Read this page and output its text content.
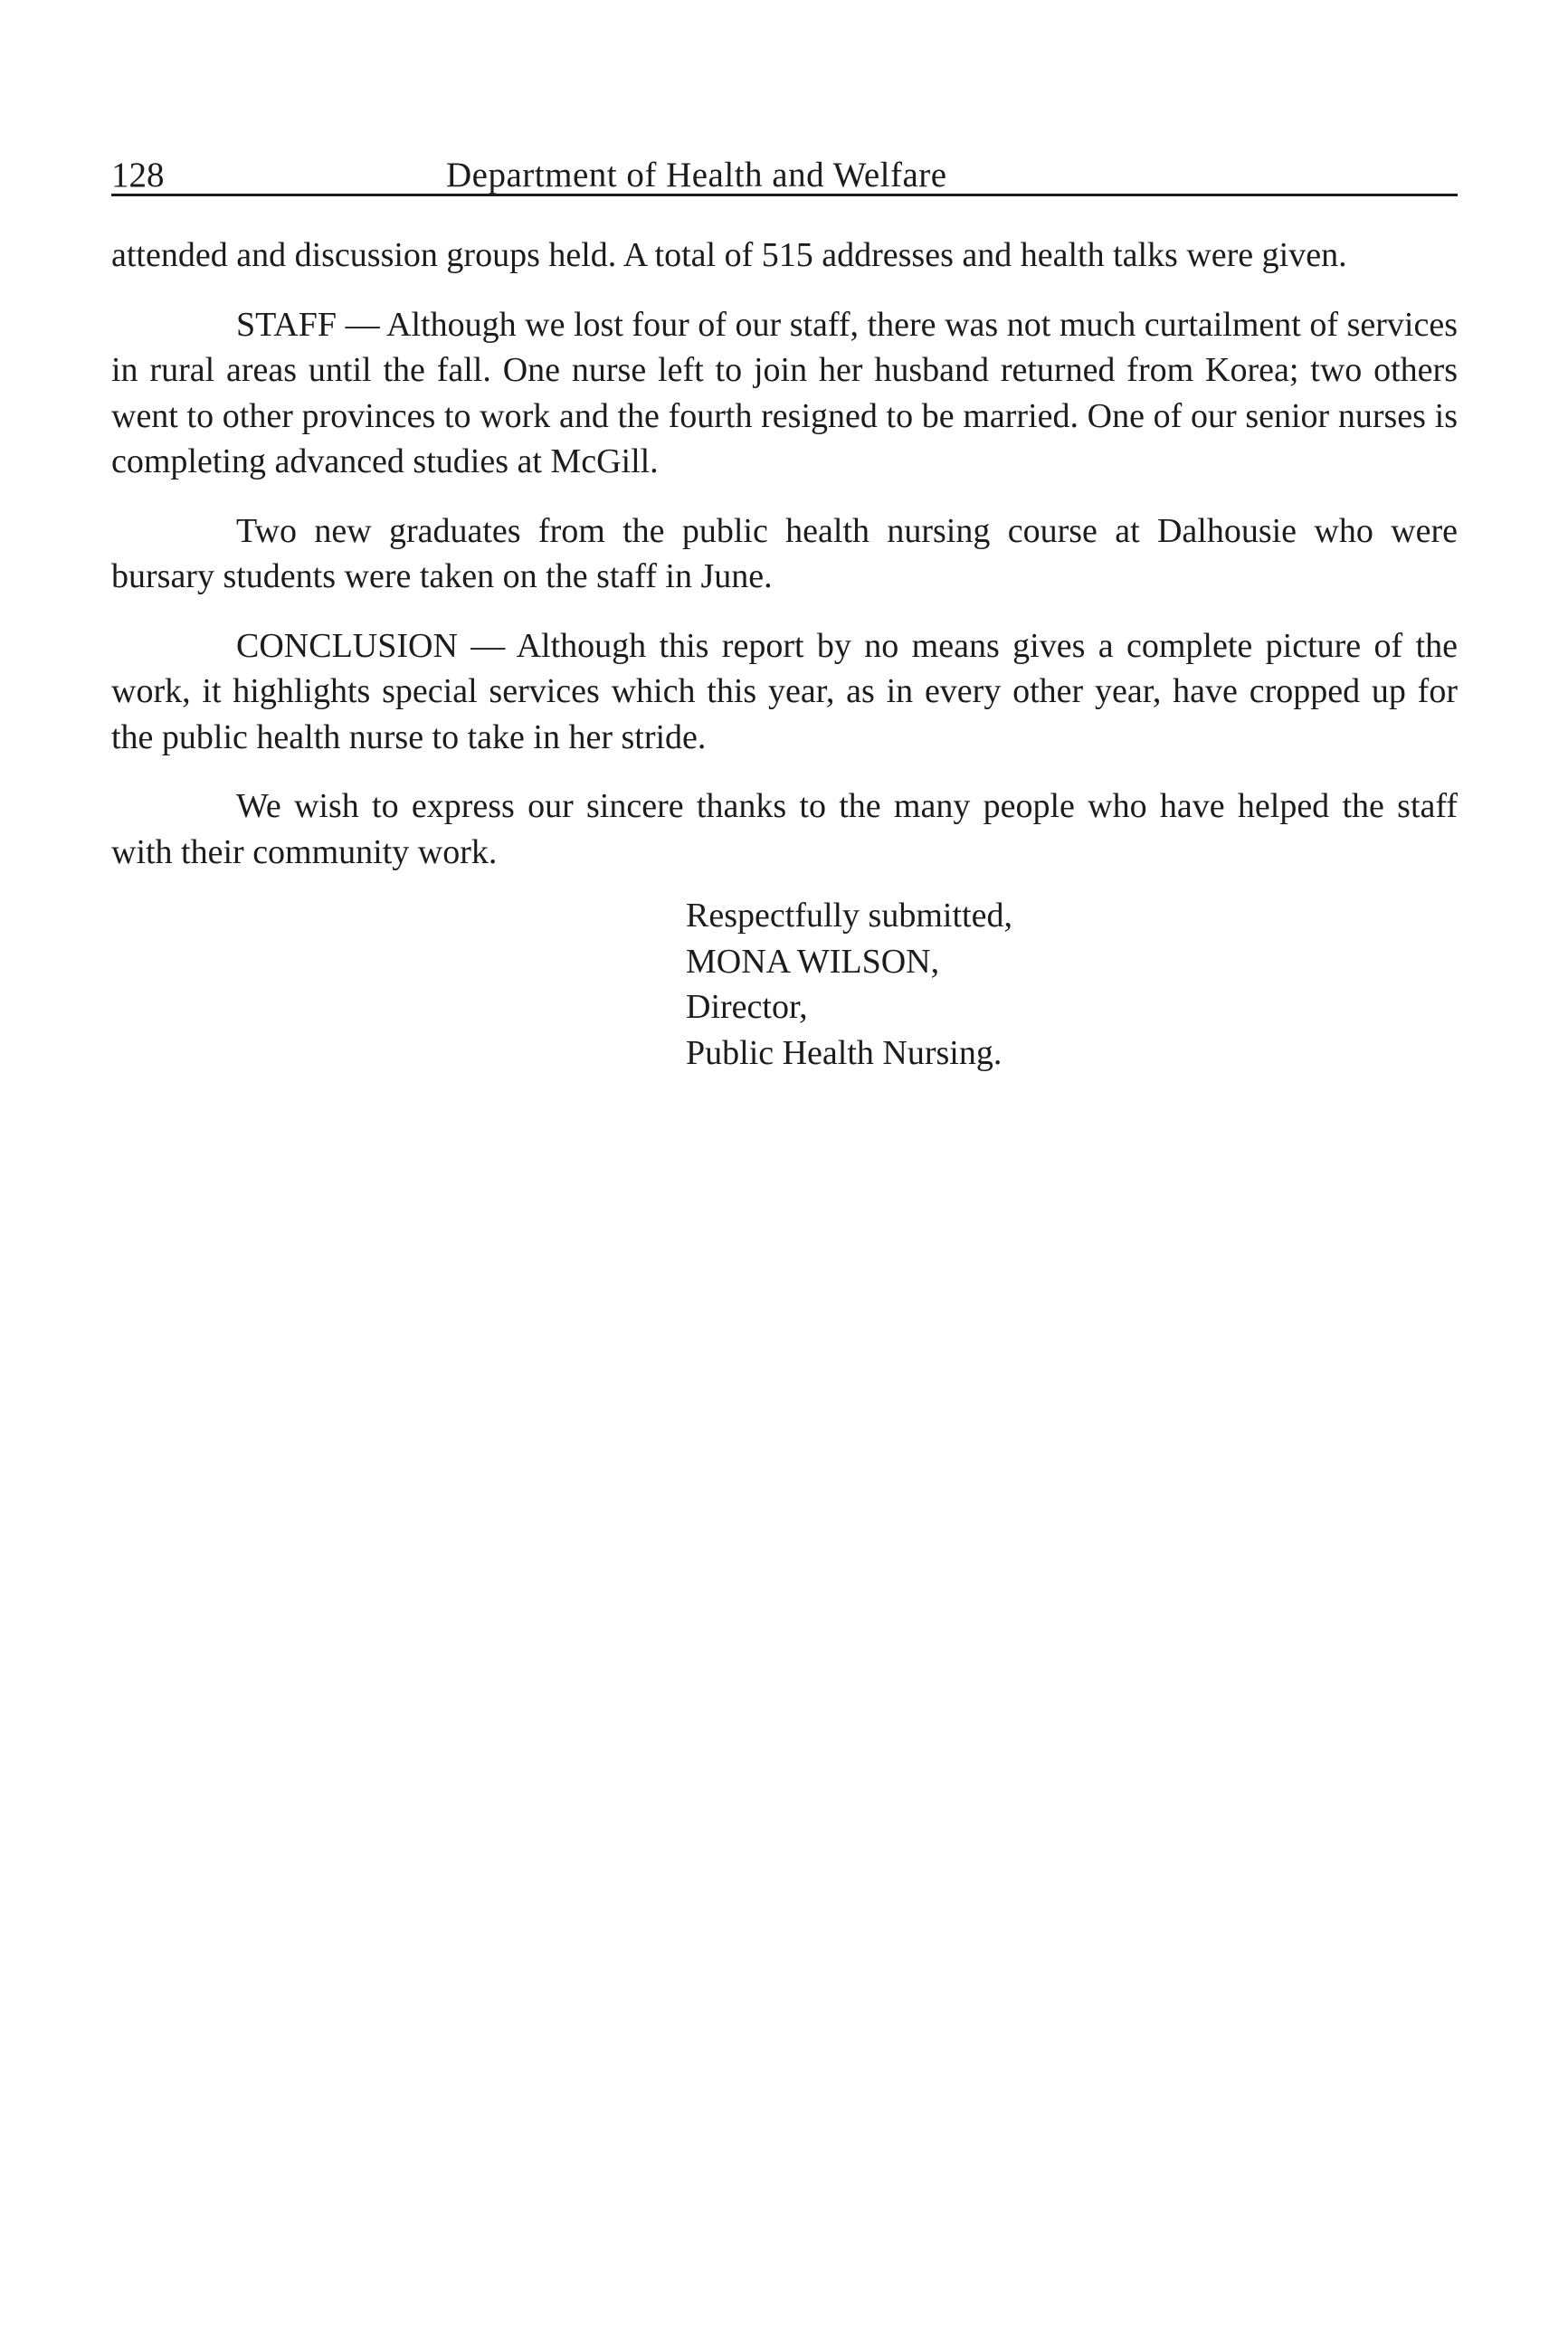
128	Department of Health and Welfare

attended and discussion groups held. A total of 515 addresses and health talks were given.

STAFF — Although we lost four of our staff, there was not much curtailment of services in rural areas until the fall. One nurse left to join her husband returned from Korea; two others went to other provinces to work and the fourth resigned to be married. One of our senior nurses is completing advanced studies at McGill.

Two new graduates from the public health nursing course at Dalhousie who were bursary students were taken on the staff in June.

CONCLUSION — Although this report by no means gives a complete picture of the work, it highlights special services which this year, as in every other year, have cropped up for the public health nurse to take in her stride.

We wish to express our sincere thanks to the many people who have helped the staff with their community work.

Respectfully submitted,
MONA WILSON,
Director,
Public Health Nursing.
